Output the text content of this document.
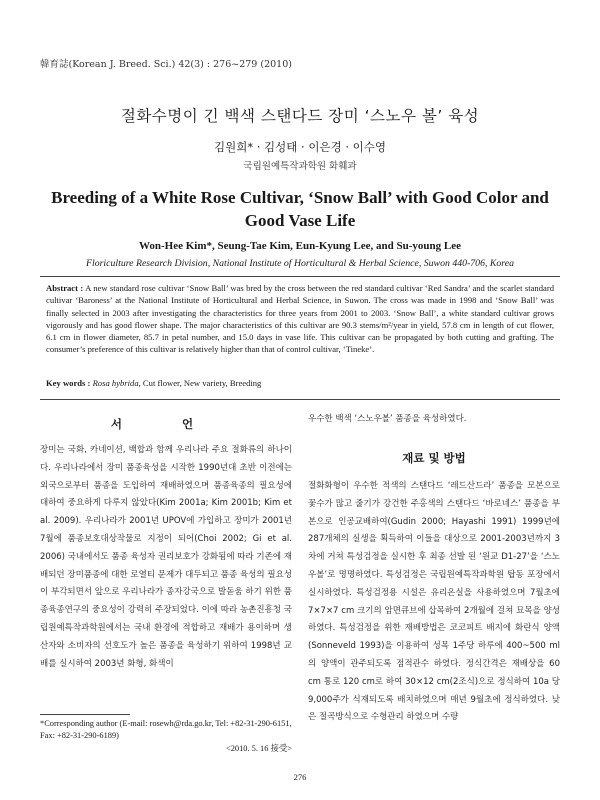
韓育誌(Korean J. Breed. Sci.) 42(3) : 276~279 (2010)
절화수명이 긴 백색 스탠다드 장미 ‘스노우 볼’ 육성
김원희* · 김성태 · 이은경 · 이수영
국립원예특작과학원 화훼과
Breeding of a White Rose Cultivar, ‘Snow Ball’ with Good Color and Good Vase Life
Won-Hee Kim*, Seung-Tae Kim, Eun-Kyung Lee, and Su-young Lee
Floriculture Research Division, National Institute of Horticultural & Herbal Science, Suwon 440-706, Korea
Abstract : A new standard rose cultivar ‘Snow Ball’ was bred by the cross between the red standard cultivar ‘Red Sandra’ and the scarlet standard cultivar ‘Baroness’ at the National Institute of Horticultural and Herbal Science, in Suwon. The cross was made in 1998 and ‘Snow Ball’ was finally selected in 2003 after investigating the characteristics for three years from 2001 to 2003. ‘Snow Ball’, a white standard cultivar grows vigorously and has good flower shape. The major characteristics of this cultivar are 90.3 stems/m²/year in yield, 57.8 cm in length of cut flower, 6.1 cm in flower diameter, 85.7 in petal number, and 15.0 days in vase life. This cultivar can be propagated by both cutting and grafting. The consumer’s preference of this cultivar is relatively higher than that of control cultivar, ‘Tineke’.
Key words : Rosa hybrida, Cut flower, New variety, Breeding
서 언

장미는 국화, 카네이션, 백합과 함께 우리나라 주요 절화류의 하나이다. 우리나라에서 장미 품종육성을 시작한 1990년대 초반 이전에는 외국으로부터 품종을 도입하여 재배하였으며 품종육종의 필요성에 대하여 중요하게 다루지 않았다(Kim 2001a; Kim 2001b; Kim et al. 2009). 우리나라가 2001년 UPOV에 가입하고 장미가 2001년 7월에 품종보호대상작물로 지정이 되어(Choi 2002; Gi et al. 2006) 국내에서도 품종 육성자 권리보호가 강화됨에 따라 기존에 재배되던 장미품종에 대한 로열티 문제가 대두되고 품종 육성의 필요성이 부각되면서 앞으로 우리나라가 종자강국으로 발돋움 하기 위한 품종육종연구의 중요성이 강력히 주장되었다. 이에 따라 농촌진흥청 국립원예특작과학원에서는 국내 환경에 적합하고 재배가 용이하며 생산자와 소비자의 선호도가 높은 품종을 육성하기 위하여 1998년 교배를 실시하여 2003년 화형, 화색이

우수한 백색 ‘스노우볼’ 품종을 육성하였다.

재료 및 방법

절화화형이 우수한 적색의 스탠다드 ‘레드산드라’ 품종을 모본으로 꽃수가 많고 줄기가 강건한 주홍색의 스탠다드 ‘바로네스’ 품종을 부본으로 인공교배하여(Gudin 2000; Hayashi 1991) 1999년에 287개체의 실생을 획득하여 이들을 대상으로 2001-2003년까지 3차에 거쳐 특성검정을 실시한 후 최종 선발 된 ‘원교 D1-27’을 ‘스노우볼’로 명명하였다. 특성검정은 국립원예특작과학원 탑동 포장에서 실시하였다. 특성검정용 시설은 유리온실을 사용하였으며 7월초에 7×7×7 cm 크기의 암면큐브에 삽목하여 2개월에 걸쳐 묘목을 양성하였다. 특성검정을 위한 재배방법은 코코피트 배지에 화란식 양액(Sonneveld 1993)을 이용하여 성목 1주당 하루에 400~500 ml의 양액이 관주되도록 점적관수 하였다. 정식간격은 재배상을 60 cm 통로 120 cm로 하여 30×12 cm(2조식)으로 정식하여 10a 당 9,000주가 식재되도록 배치하였으며 매년 9월초에 정식하였다. 낮은 절곡방식으로 수형관리 하였으며 수량

*Corresponding author (E-mail: rosewh@rda.go.kr, Tel: +82-31-290-6151, Fax: +82-31-290-6189)
<2010. 5. 16 接受>
276
